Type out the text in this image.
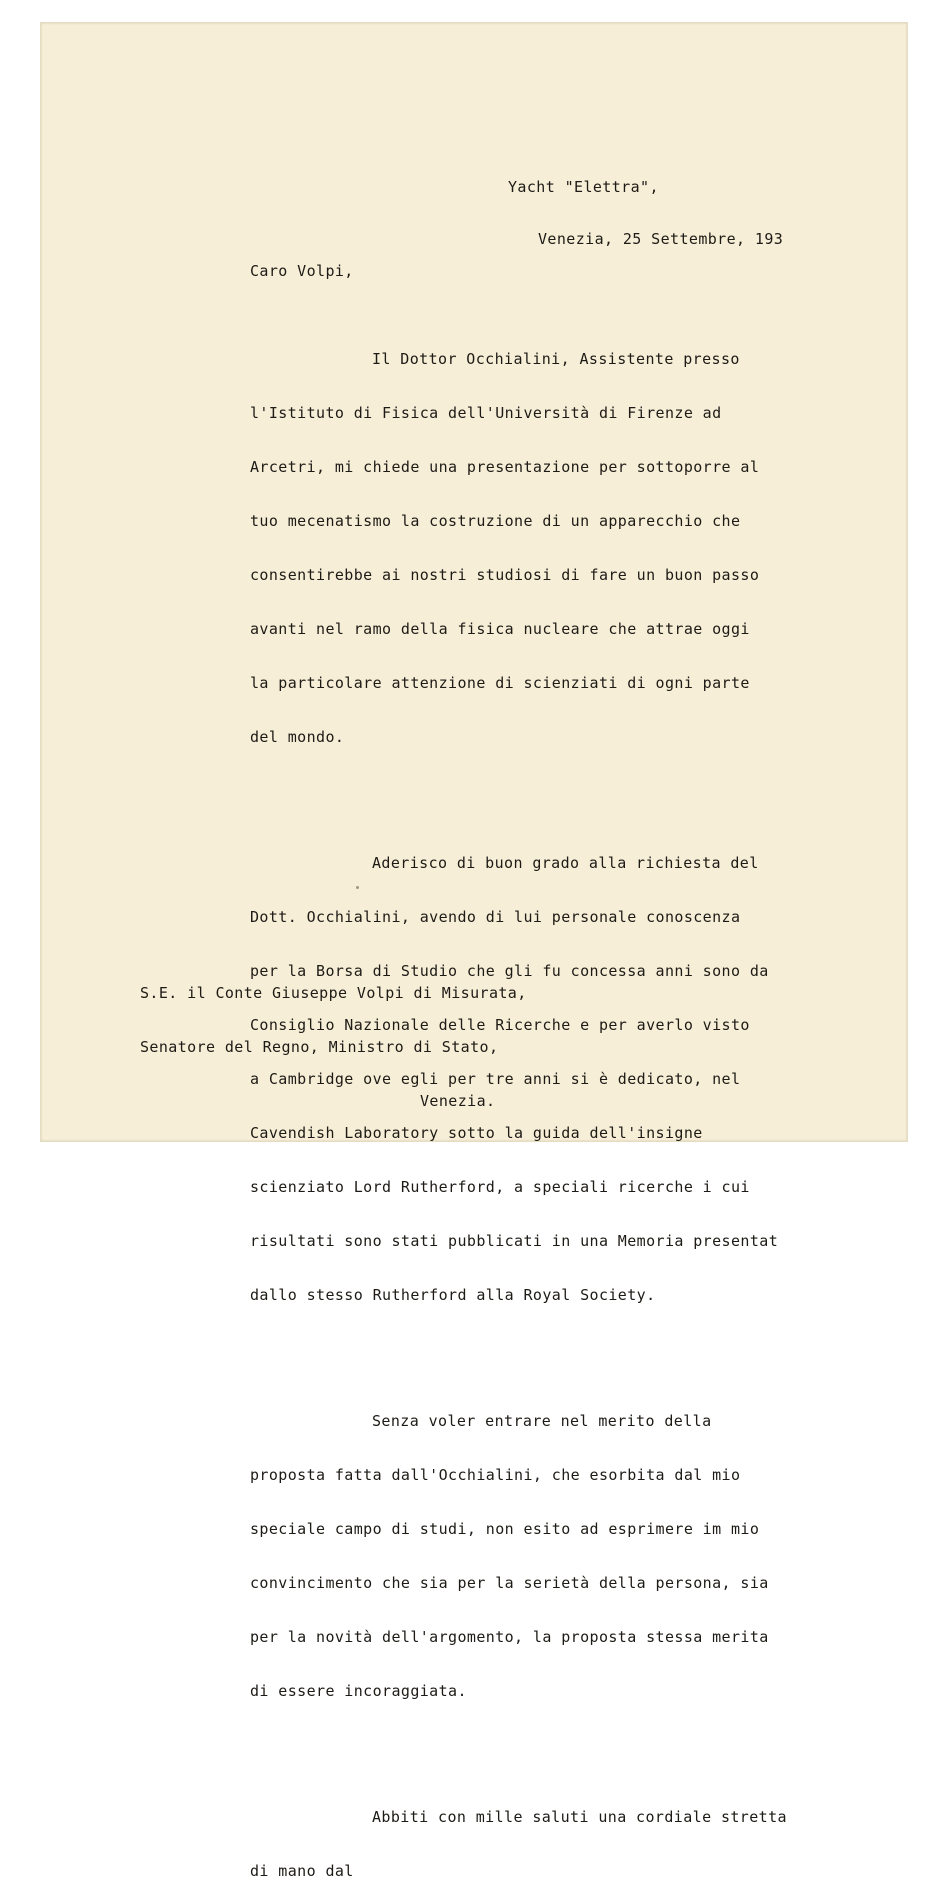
Yacht "Elettra",

Venezia, 25 Settembre, 193

Caro Volpi,

Il Dottor Occhialini, Assistente presso

l'Istituto di Fisica dell'Università di Firenze ad

Arcetri, mi chiede una presentazione per sottoporre al

tuo mecenatismo la costruzione di un apparecchio che

consentirebbe ai nostri studiosi di fare un buon passo

avanti nel ramo della fisica nucleare che attrae oggi

la particolare attenzione di scienziati di ogni parte

del mondo.

Aderisco di buon grado alla richiesta del

Dott. Occhialini, avendo di lui personale conoscenza

per la Borsa di Studio che gli fu concessa anni sono da

Consiglio Nazionale delle Ricerche e per averlo visto

a Cambridge ove egli per tre anni si è dedicato, nel

Cavendish Laboratory sotto la guida dell'insigne

scienziato Lord Rutherford, a speciali ricerche i cui

risultati sono stati pubblicati in una Memoria presentat

dallo stesso Rutherford alla Royal Society.

Senza voler entrare nel merito della

proposta fatta dall'Occhialini, che esorbita dal mio

speciale campo di studi, non esito ad esprimere im mio

convincimento che sia per la serietà della persona, sia

per la novità dell'argomento, la proposta stessa merita

di essere incoraggiata.

Abbiti con mille saluti una cordiale stretta

di mano dal

S.E. il Conte Giuseppe Volpi di Misurata,

Senatore del Regno, Ministro di Stato,

Venezia.
